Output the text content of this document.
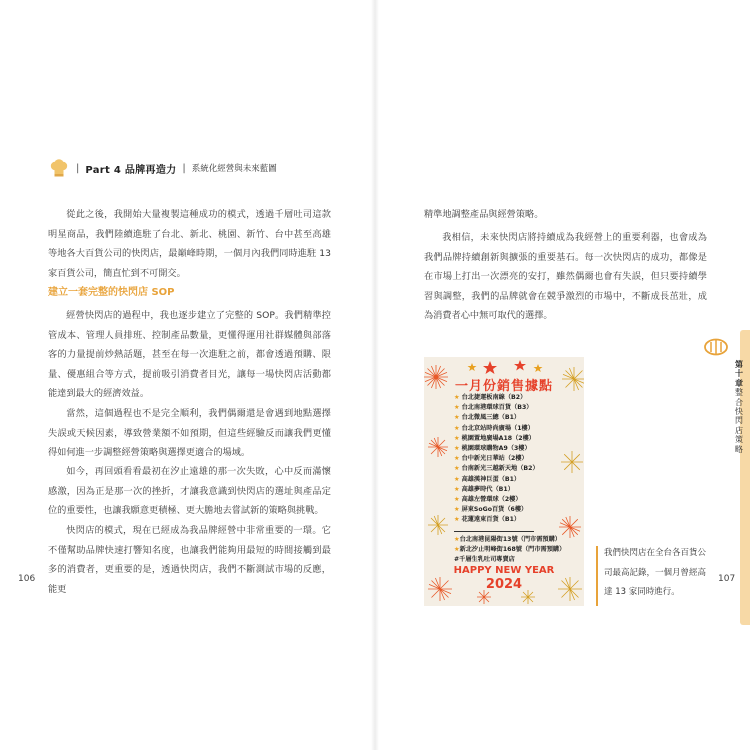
| Part 4 品牌再造力 | 系統化經營與未來藍圖
從此之後，我開始大量複製這種成功的模式，透過千層吐司這款明星商品，我們陸續進駐了台北、新北、桃園、新竹、台中甚至高雄等地各大百貨公司的快閃店，最巔峰時期，一個月內我們同時進駐 13 家百貨公司，簡直忙到不可開交。
建立一套完整的快閃店 SOP
經營快閃店的過程中，我也逐步建立了完整的 SOP。我們精準控管成本、管理人員排班、控制產品數量，更懂得運用社群媒體與部落客的力量提前炒熱話題，甚至在每一次進駐之前，都會透過預購、限量、優惠組合等方式，提前吸引消費者目光，讓每一場快閃店活動都能達到最大的經濟效益。
當然，這個過程也不是完全順利，我們偶爾還是會遇到地點選擇失誤或天候因素，導致營業額不如預期，但這些經驗反而讓我們更懂得如何進一步調整經營策略與選擇更適合的場域。
如今，再回頭看看最初在汐止遠雄的那一次失敗，心中反而滿懷感激，因為正是那一次的挫折，才讓我意識到快閃店的選址與產品定位的重要性，也讓我願意更積極、更大膽地去嘗試新的策略與挑戰。
快閃店的模式，現在已經成為我品牌經營中非常重要的一環。它不僅幫助品牌快速打響知名度，也讓我們能夠用最短的時間接觸到最多的消費者，更重要的是，透過快閃店，我們不斷測試市場的反應，能更
106
精準地調整產品與經營策略。
我相信，未來快閃店將持續成為我經營上的重要利器，也會成為我們品牌持續創新與擴張的重要基石。每一次快閃店的成功，都像是在市場上打出一次漂亮的安打，雖然偶爾也會有失誤，但只要持續學習與調整，我們的品牌就會在競爭激烈的市場中，不斷成長茁壯，成為消費者心中無可取代的選擇。
107
第十章
整合快閃店策略
一月份銷售據點
★ 台北捷運板南線（B2）
★ 台北南港環球百貨（B3）
★ 台北微風三總（B1）
★ 台北京站時尚廣場（1樓）
★ 桃園置地廣場A18（2樓）
★ 桃園環球購物A9（3樓）
★ 台中新光日華站（2樓）
★ 台南新光三越新天地（B2）
★ 高雄漢神巨蛋（B1）
★ 高雄夢時代（B1）
★ 高雄左營環球（2樓）
★ 屏東SoGo百貨（6樓）
★ 花蓮遠東百貨（B1）
★台北南港昆陽街13號（門市需預購）
★新北汐止明峰街168號（門市需預購）
#千層生乳吐司專賣店
HAPPY NEW YEAR
2024
我們快閃店在全台各百貨公司最高記錄，一個月曾經高達 13 家同時進行。
